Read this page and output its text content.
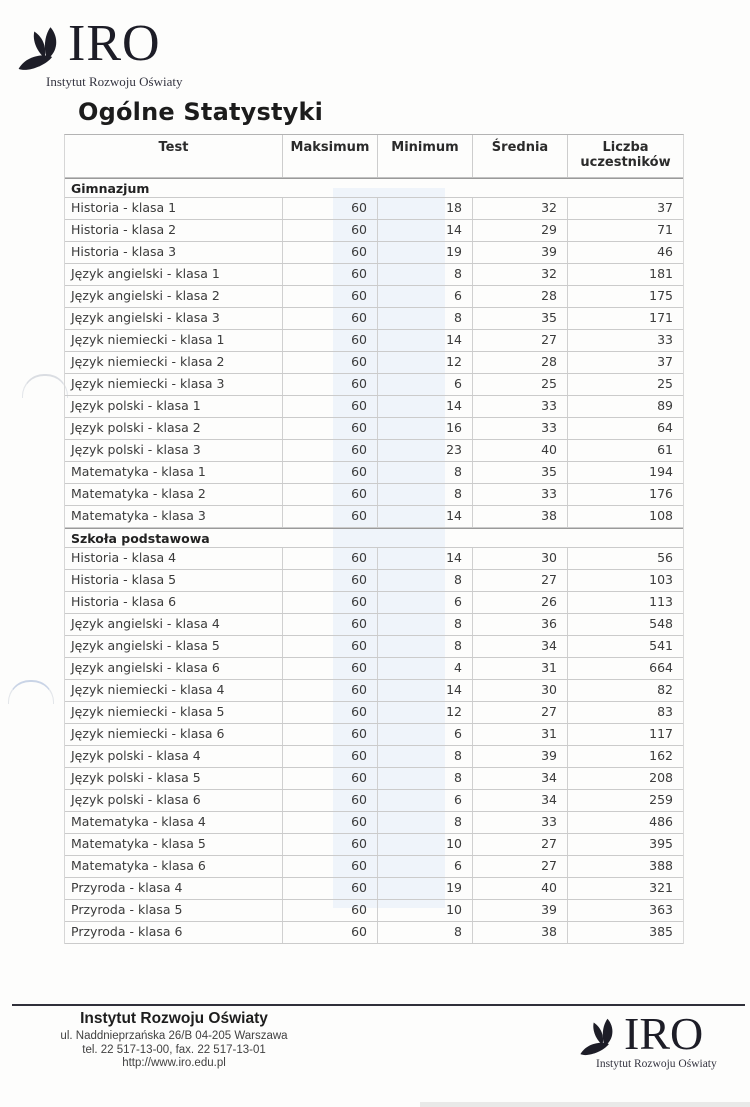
IRO
Instytut Rozwoju Oświaty
Ogólne Statystyki
Test	Maksimum	Minimum	Średnia	Liczba uczestników
Gimnazjum
Historia - klasa 1	60	18	32	37
Historia - klasa 2	60	14	29	71
Historia - klasa 3	60	19	39	46
Język angielski - klasa 1	60	8	32	181
Język angielski - klasa 2	60	6	28	175
Język angielski - klasa 3	60	8	35	171
Język niemiecki - klasa 1	60	14	27	33
Język niemiecki - klasa 2	60	12	28	37
Język niemiecki - klasa 3	60	6	25	25
Język polski - klasa 1	60	14	33	89
Język polski - klasa 2	60	16	33	64
Język polski - klasa 3	60	23	40	61
Matematyka - klasa 1	60	8	35	194
Matematyka - klasa 2	60	8	33	176
Matematyka - klasa 3	60	14	38	108
Szkoła podstawowa
Historia - klasa 4	60	14	30	56
Historia - klasa 5	60	8	27	103
Historia - klasa 6	60	6	26	113
Język angielski - klasa 4	60	8	36	548
Język angielski - klasa 5	60	8	34	541
Język angielski - klasa 6	60	4	31	664
Język niemiecki - klasa 4	60	14	30	82
Język niemiecki - klasa 5	60	12	27	83
Język niemiecki - klasa 6	60	6	31	117
Język polski - klasa 4	60	8	39	162
Język polski - klasa 5	60	8	34	208
Język polski - klasa 6	60	6	34	259
Matematyka - klasa 4	60	8	33	486
Matematyka - klasa 5	60	10	27	395
Matematyka - klasa 6	60	6	27	388
Przyroda - klasa 4	60	19	40	321
Przyroda - klasa 5	60	10	39	363
Przyroda - klasa 6	60	8	38	385
Instytut Rozwoju Oświaty
ul. Naddnieprzańska 26/B 04-205 Warszawa
tel. 22 517-13-00, fax. 22 517-13-01
http://www.iro.edu.pl
IRO
Instytut Rozwoju Oświaty
